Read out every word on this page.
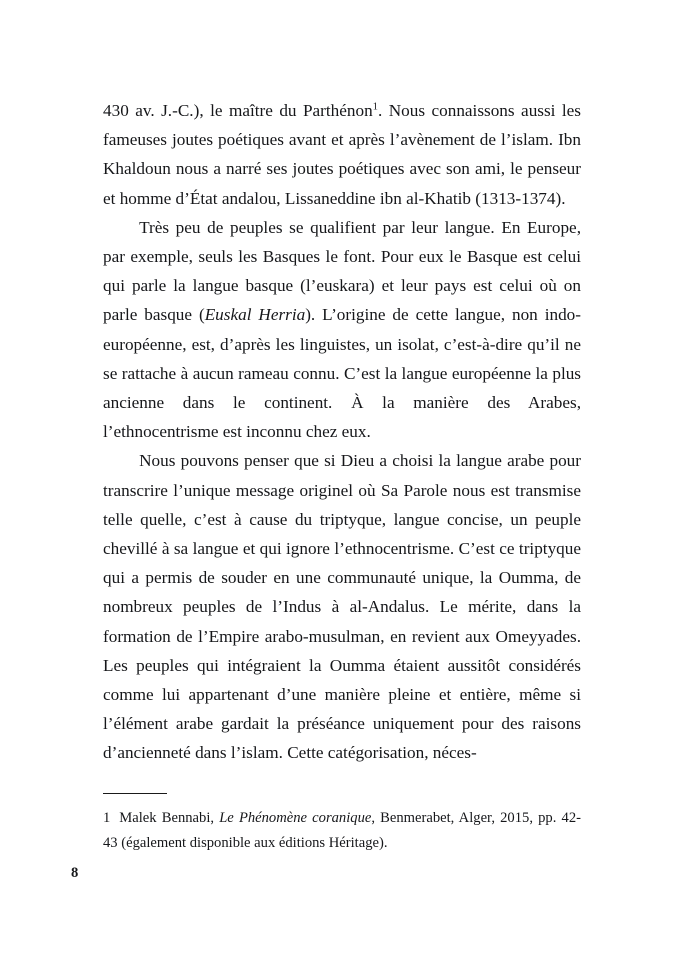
430 av. J.-C.), le maître du Parthénon$^1$. Nous connaissons aussi les fameuses joutes poétiques avant et après l’avènement de l’islam. Ibn Khaldoun nous a narré ses joutes poétiques avec son ami, le penseur et homme d’État andalou, Lissaneddine ibn al-Khatib (1313-1374).

Très peu de peuples se qualifient par leur langue. En Europe, par exemple, seuls les Basques le font. Pour eux le Basque est celui qui parle la langue basque (l’euskara) et leur pays est celui où on parle basque (Euskal Herria). L’origine de cette langue, non indo-européenne, est, d’après les linguistes, un isolat, c’est-à-dire qu’il ne se rattache à aucun rameau connu. C’est la langue européenne la plus ancienne dans le continent. À la manière des Arabes, l’ethnocentrisme est inconnu chez eux.

Nous pouvons penser que si Dieu a choisi la langue arabe pour transcrire l’unique message originel où Sa Parole nous est transmise telle quelle, c’est à cause du triptyque, langue concise, un peuple chevillé à sa langue et qui ignore l’ethnocentrisme. C’est ce triptyque qui a permis de souder en une communauté unique, la Oumma, de nombreux peuples de l’Indus à al-Andalus. Le mérite, dans la formation de l’Empire arabo-musulman, en revient aux Omeyyades. Les peuples qui intégraient la Oumma étaient aussitôt considérés comme lui appartenant d’une manière pleine et entière, même si l’élément arabe gardait la préséance uniquement pour des raisons d’ancienneté dans l’islam. Cette catégorisation, néces-

1 Malek Bennabi, Le Phénomène coranique, Benmerabet, Alger, 2015, pp. 42-43 (également disponible aux éditions Héritage).

8
